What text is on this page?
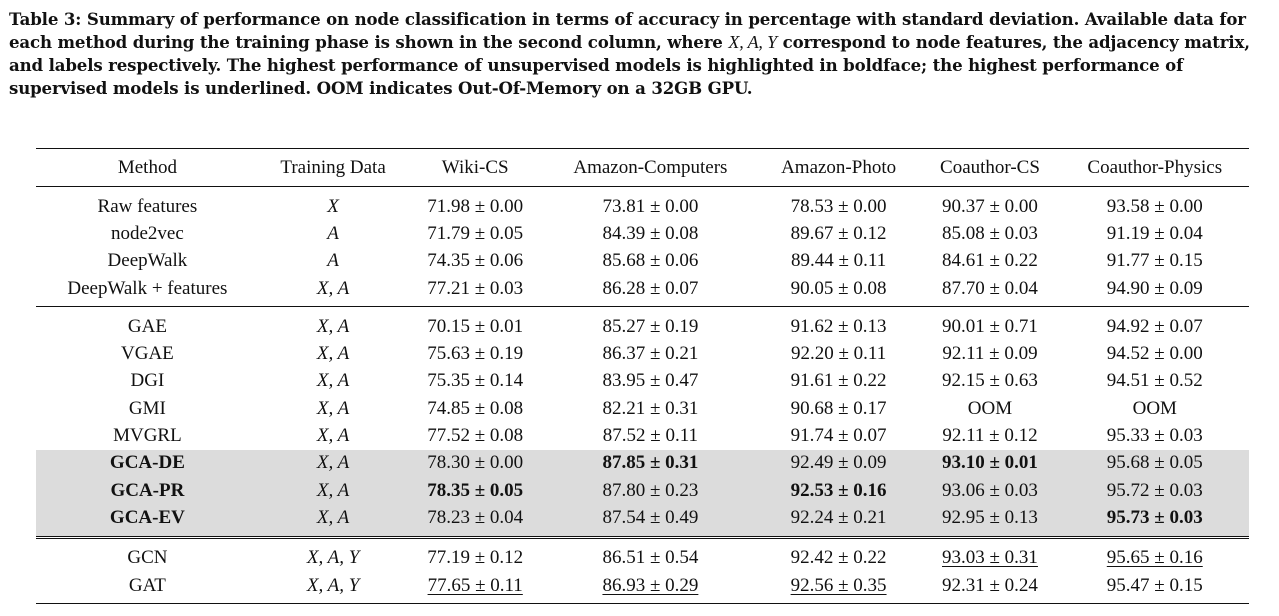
Table 3: Summary of performance on node classification in terms of accuracy in percentage with standard deviation. Available data for each method during the training phase is shown in the second column, where X, A, Y correspond to node features, the adjacency matrix, and labels respectively. The highest performance of unsupervised models is highlighted in boldface; the highest performance of supervised models is underlined. OOM indicates Out-Of-Memory on a 32GB GPU.
Method	Training Data	Wiki-CS	Amazon-Computers	Amazon-Photo	Coauthor-CS	Coauthor-Physics
Raw features	X	71.98 ± 0.00	73.81 ± 0.00	78.53 ± 0.00	90.37 ± 0.00	93.58 ± 0.00
node2vec	A	71.79 ± 0.05	84.39 ± 0.08	89.67 ± 0.12	85.08 ± 0.03	91.19 ± 0.04
DeepWalk	A	74.35 ± 0.06	85.68 ± 0.06	89.44 ± 0.11	84.61 ± 0.22	91.77 ± 0.15
DeepWalk + features	X, A	77.21 ± 0.03	86.28 ± 0.07	90.05 ± 0.08	87.70 ± 0.04	94.90 ± 0.09
GAE	X, A	70.15 ± 0.01	85.27 ± 0.19	91.62 ± 0.13	90.01 ± 0.71	94.92 ± 0.07
VGAE	X, A	75.63 ± 0.19	86.37 ± 0.21	92.20 ± 0.11	92.11 ± 0.09	94.52 ± 0.00
DGI	X, A	75.35 ± 0.14	83.95 ± 0.47	91.61 ± 0.22	92.15 ± 0.63	94.51 ± 0.52
GMI	X, A	74.85 ± 0.08	82.21 ± 0.31	90.68 ± 0.17	OOM	OOM
MVGRL	X, A	77.52 ± 0.08	87.52 ± 0.11	91.74 ± 0.07	92.11 ± 0.12	95.33 ± 0.03
GCA-DE	X, A	78.30 ± 0.00	87.85 ± 0.31	92.49 ± 0.09	93.10 ± 0.01	95.68 ± 0.05
GCA-PR	X, A	78.35 ± 0.05	87.80 ± 0.23	92.53 ± 0.16	93.06 ± 0.03	95.72 ± 0.03
GCA-EV	X, A	78.23 ± 0.04	87.54 ± 0.49	92.24 ± 0.21	92.95 ± 0.13	95.73 ± 0.03
GCN	X, A, Y	77.19 ± 0.12	86.51 ± 0.54	92.42 ± 0.22	93.03 ± 0.31	95.65 ± 0.16
GAT	X, A, Y	77.65 ± 0.11	86.93 ± 0.29	92.56 ± 0.35	92.31 ± 0.24	95.47 ± 0.15
